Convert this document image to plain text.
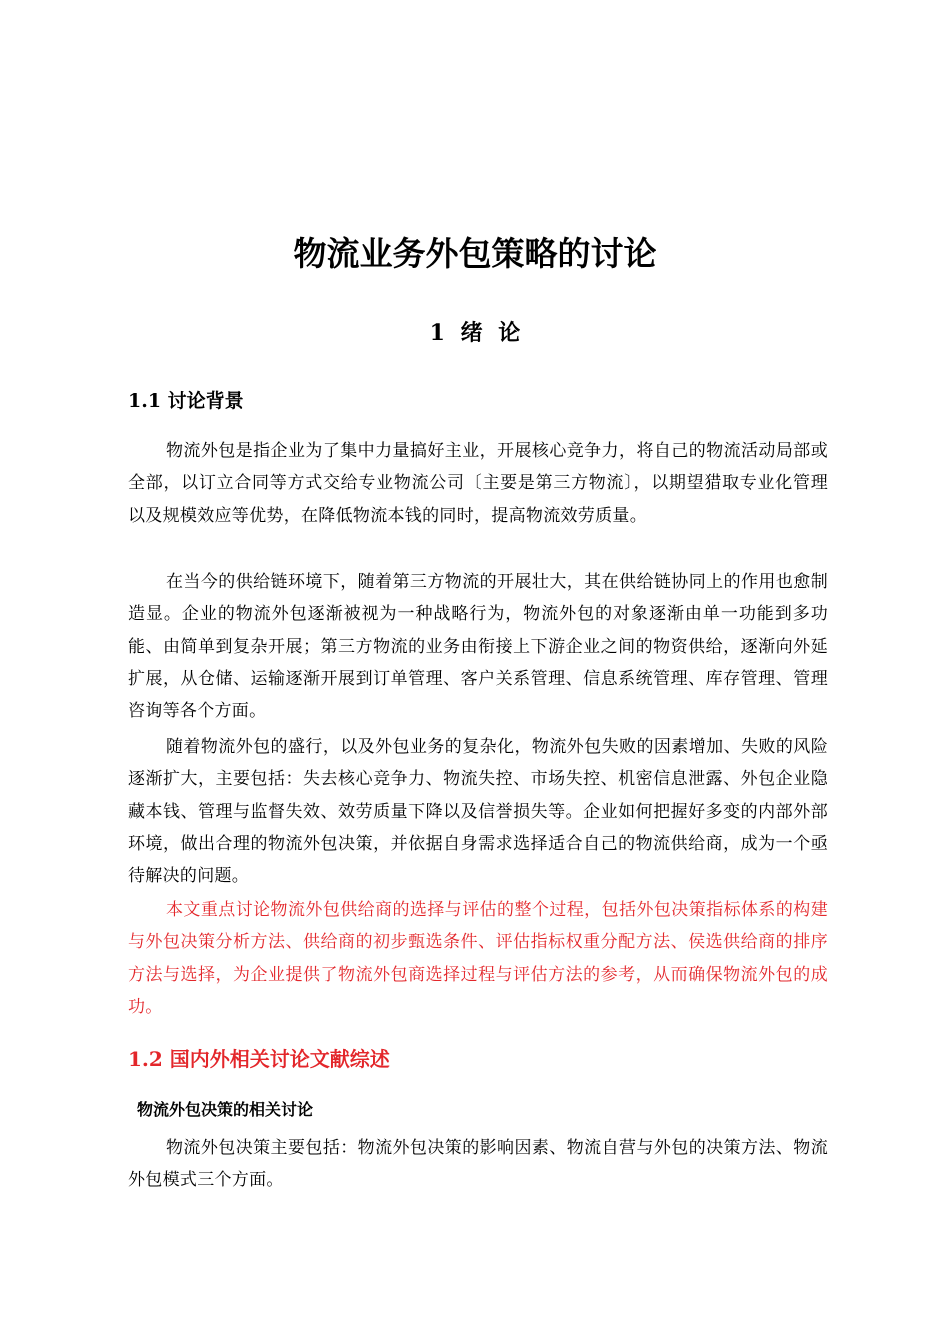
物流业务外包策略的讨论
1 绪 论
1.1 讨论背景

物流外包是指企业为了集中力量搞好主业，开展核心竞争力，将自己的物流活动局部或全部，以订立合同等方式交给专业物流公司〔主要是第三方物流〕，以期望猎取专业化管理以及规模效应等优势，在降低物流本钱的同时，提高物流效劳质量。

在当今的供给链环境下，随着第三方物流的开展壮大，其在供给链协同上的作用也愈制造显。企业的物流外包逐渐被视为一种战略行为，物流外包的对象逐渐由单一功能到多功能、由简单到复杂开展；第三方物流的业务由衔接上下游企业之间的物资供给，逐渐向外延扩展，从仓储、运输逐渐开展到订单管理、客户关系管理、信息系统管理、库存管理、管理咨询等各个方面。

随着物流外包的盛行，以及外包业务的复杂化，物流外包失败的因素增加、失败的风险逐渐扩大，主要包括：失去核心竞争力、物流失控、市场失控、机密信息泄露、外包企业隐藏本钱、管理与监督失效、效劳质量下降以及信誉损失等。企业如何把握好多变的内部外部环境，做出合理的物流外包决策，并依据自身需求选择适合自己的物流供给商，成为一个亟待解决的问题。

本文重点讨论物流外包供给商的选择与评估的整个过程，包括外包决策指标体系的构建与外包决策分析方法、供给商的初步甄选条件、评估指标权重分配方法、侯选供给商的排序方法与选择，为企业提供了物流外包商选择过程与评估方法的参考，从而确保物流外包的成功。

1.2 国内外相关讨论文献综述
物流外包决策的相关讨论

物流外包决策主要包括：物流外包决策的影响因素、物流自营与外包的决策方法、物流外包模式三个方面。
